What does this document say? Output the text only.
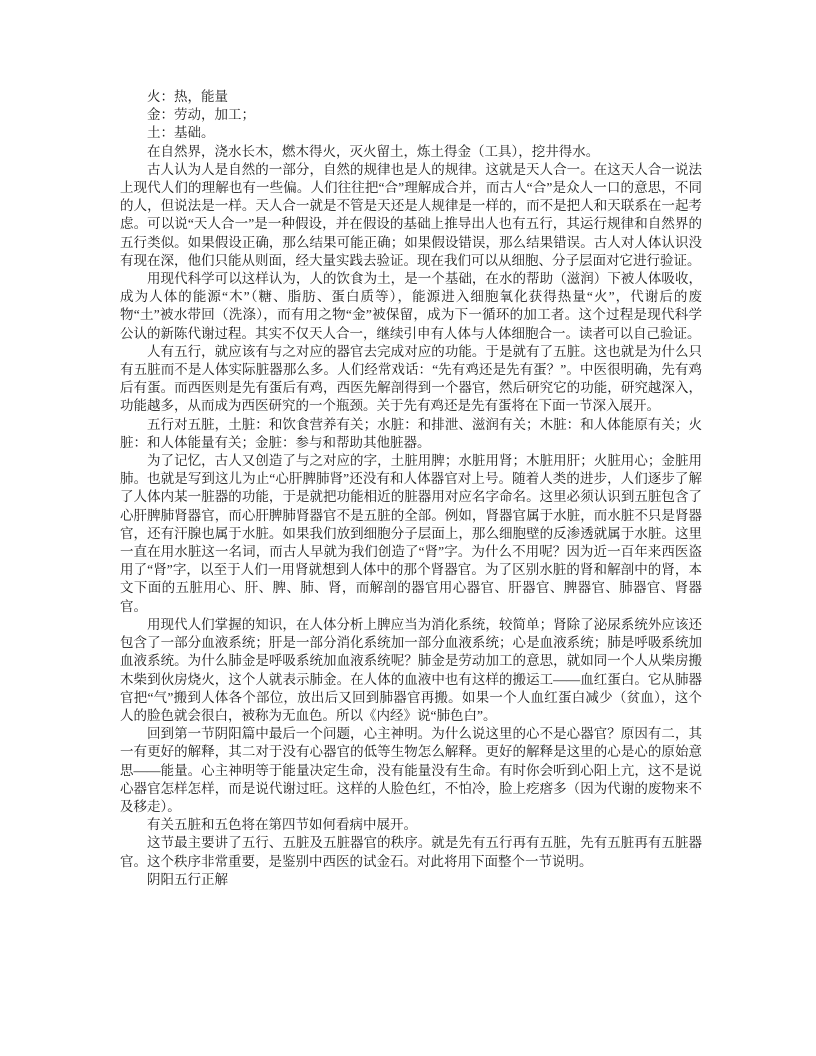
火：热，能量

金：劳动，加工；

土：基础。

在自然界，浇水长木，燃木得火，灭火留土，炼土得金（工具），挖井得水。

古人认为人是自然的一部分，自然的规律也是人的规律。这就是天人合一。在这天人合一说法上现代人们的理解也有一些偏。人们往往把“合”理解成合并，而古人“合”是众人一口的意思，不同的人，但说法是一样。天人合一就是不管是天还是人规律是一样的，而不是把人和天联系在一起考虑。可以说“天人合一”是一种假设，并在假设的基础上推导出人也有五行，其运行规律和自然界的五行类似。如果假设正确，那么结果可能正确；如果假设错误，那么结果错误。古人对人体认识没有现在深，他们只能从则面，经大量实践去验证。现在我们可以从细胞、分子层面对它进行验证。

用现代科学可以这样认为，人的饮食为土，是一个基础，在水的帮助（滋润）下被人体吸收，成为人体的能源“木”（糖、脂肪、蛋白质等），能源进入细胞氧化获得热量“火”，代谢后的废物“土”被水带回（洗涤），而有用之物“金”被保留，成为下一循环的加工者。这个过程是现代科学公认的新陈代谢过程。其实不仅天人合一，继续引申有人体与人体细胞合一。读者可以自己验证。

人有五行，就应该有与之对应的器官去完成对应的功能。于是就有了五脏。这也就是为什么只有五脏而不是人体实际脏器那么多。人们经常戏话：“先有鸡还是先有蛋？”。中医很明确，先有鸡后有蛋。而西医则是先有蛋后有鸡，西医先解剖得到一个器官，然后研究它的功能，研究越深入，功能越多，从而成为西医研究的一个瓶颈。关于先有鸡还是先有蛋将在下面一节深入展开。

五行对五脏，土脏：和饮食营养有关；水脏：和排泄、滋润有关；木脏：和人体能原有关；火脏：和人体能量有关；金脏：参与和帮助其他脏器。

为了记忆，古人又创造了与之对应的字，土脏用脾；水脏用肾；木脏用肝；火脏用心；金脏用肺。也就是写到这儿为止“心肝脾肺肾”还没有和人体器官对上号。随着人类的进步，人们逐步了解了人体内某一脏器的功能，于是就把功能相近的脏器用对应名字命名。这里必须认识到五脏包含了心肝脾肺肾器官，而心肝脾肺肾器官不是五脏的全部。例如，肾器官属于水脏，而水脏不只是肾器官，还有汗腺也属于水脏。如果我们放到细胞分子层面上，那么细胞壁的反渗透就属于水脏。这里一直在用水脏这一名词，而古人早就为我们创造了“肾”字。为什么不用呢？因为近一百年来西医盗用了“肾”字，以至于人们一用肾就想到人体中的那个肾器官。为了区别水脏的肾和解剖中的肾，本文下面的五脏用心、肝、脾、肺、肾，而解剖的器官用心器官、肝器官、脾器官、肺器官、肾器官。

用现代人们掌握的知识，在人体分析上脾应当为消化系统，较简单；肾除了泌尿系统外应该还包含了一部分血液系统；肝是一部分消化系统加一部分血液系统；心是血液系统；肺是呼吸系统加血液系统。为什么肺金是呼吸系统加血液系统呢？肺金是劳动加工的意思，就如同一个人从柴房搬木柴到伙房烧火，这个人就表示肺金。在人体的血液中也有这样的搬运工——血红蛋白。它从肺器官把“气”搬到人体各个部位，放出后又回到肺器官再搬。如果一个人血红蛋白减少（贫血），这个人的脸色就会很白，被称为无血色。所以《内经》说“肺色白”。

回到第一节阴阳篇中最后一个问题，心主神明。为什么说这里的心不是心器官？原因有二，其一有更好的解释，其二对于没有心器官的低等生物怎么解释。更好的解释是这里的心是心的原始意思——能量。心主神明等于能量决定生命，没有能量没有生命。有时你会听到心阳上亢，这不是说心器官怎样怎样，而是说代谢过旺。这样的人脸色红，不怕冷，脸上疙瘩多（因为代谢的废物来不及移走）。

有关五脏和五色将在第四节如何看病中展开。

这节最主要讲了五行、五脏及五脏器官的秩序。就是先有五行再有五脏，先有五脏再有五脏器官。这个秩序非常重要，是鉴别中西医的试金石。对此将用下面整个一节说明。

阴阳五行正解
